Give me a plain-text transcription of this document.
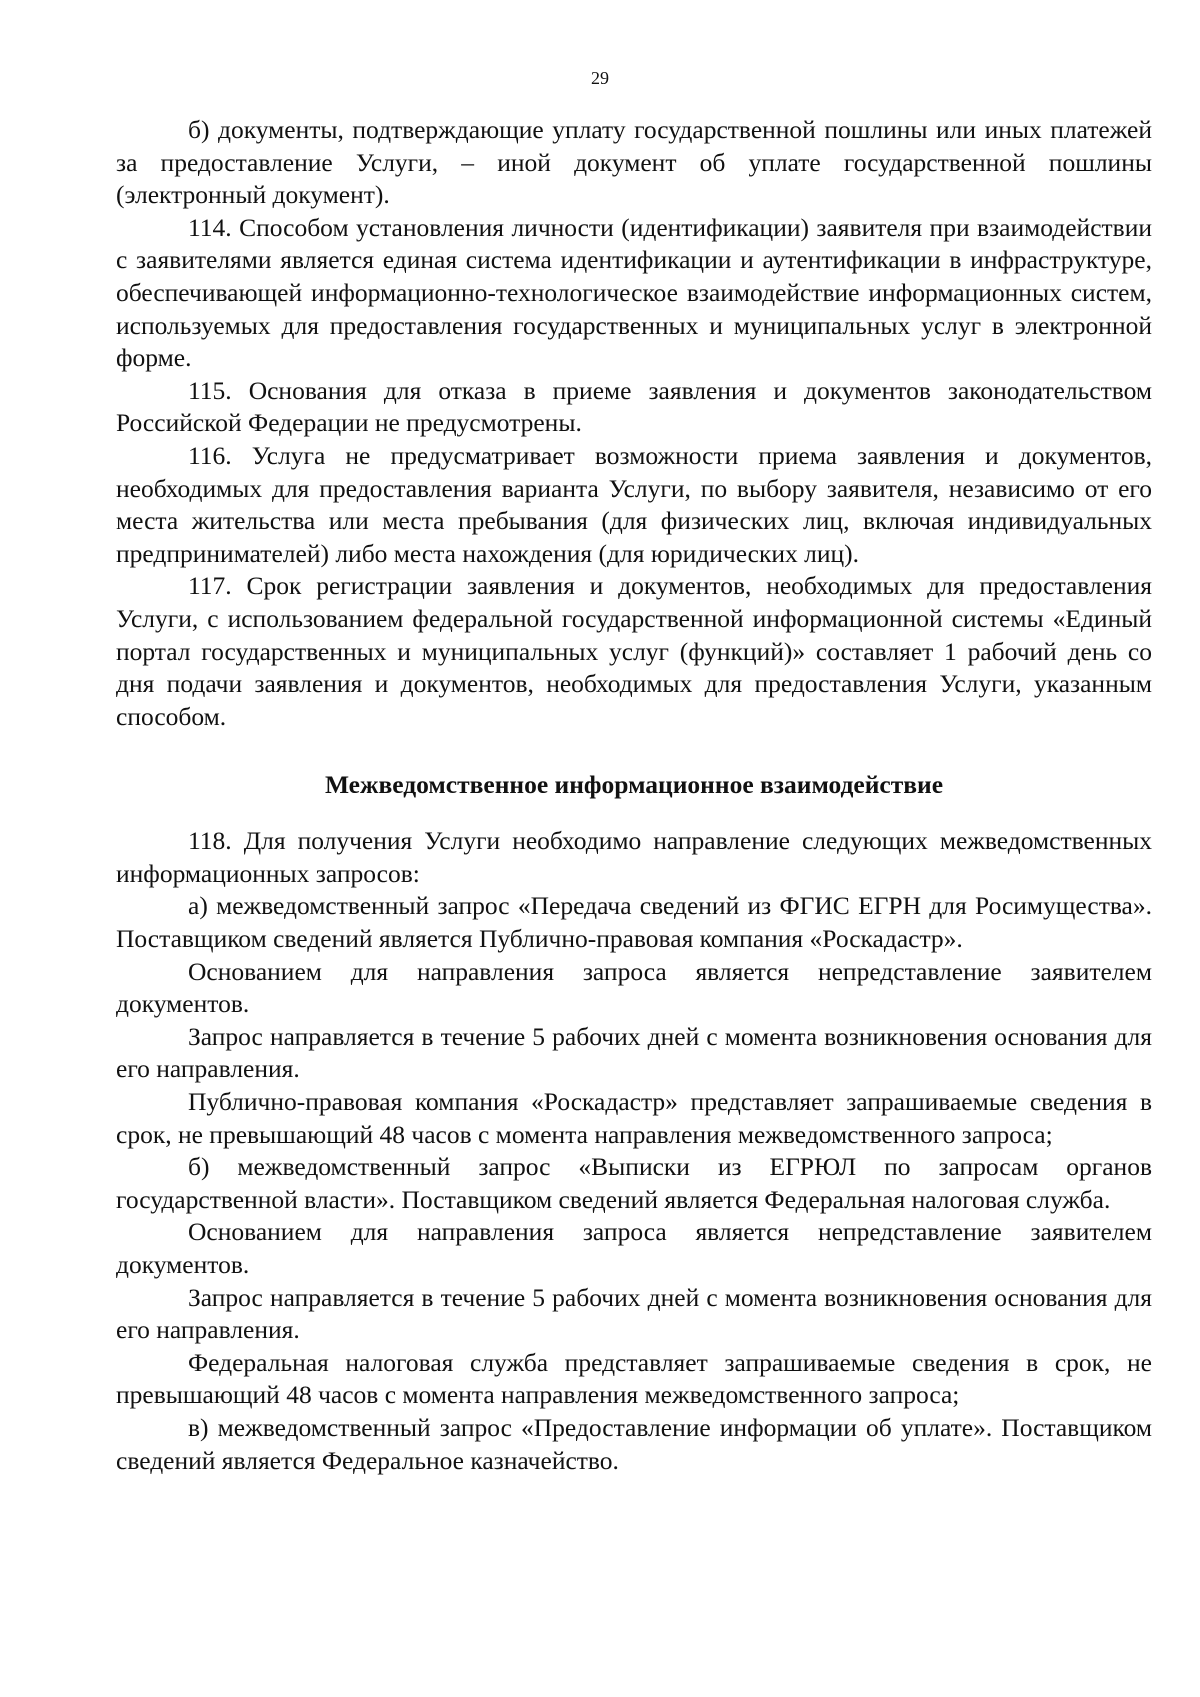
29

б) документы, подтверждающие уплату государственной пошлины или иных платежей за предоставление Услуги, – иной документ об уплате государственной пошлины (электронный документ).

114. Способом установления личности (идентификации) заявителя при взаимодействии с заявителями является единая система идентификации и аутентификации в инфраструктуре, обеспечивающей информационно-технологическое взаимодействие информационных систем, используемых для предоставления государственных и муниципальных услуг в электронной форме.

115. Основания для отказа в приеме заявления и документов законодательством Российской Федерации не предусмотрены.

116. Услуга не предусматривает возможности приема заявления и документов, необходимых для предоставления варианта Услуги, по выбору заявителя, независимо от его места жительства или места пребывания (для физических лиц, включая индивидуальных предпринимателей) либо места нахождения (для юридических лиц).

117. Срок регистрации заявления и документов, необходимых для предоставления Услуги, с использованием федеральной государственной информационной системы «Единый портал государственных и муниципальных услуг (функций)» составляет 1 рабочий день со дня подачи заявления и документов, необходимых для предоставления Услуги, указанным способом.

Межведомственное информационное взаимодействие

118. Для получения Услуги необходимо направление следующих межведомственных информационных запросов:

а) межведомственный запрос «Передача сведений из ФГИС ЕГРН для Росимущества». Поставщиком сведений является Публично-правовая компания «Роскадастр».

Основанием для направления запроса является непредставление заявителем документов.

Запрос направляется в течение 5 рабочих дней с момента возникновения основания для его направления.

Публично-правовая компания «Роскадастр» представляет запрашиваемые сведения в срок, не превышающий 48 часов с момента направления межведомственного запроса;

б) межведомственный запрос «Выписки из ЕГРЮЛ по запросам органов государственной власти». Поставщиком сведений является Федеральная налоговая служба.

Основанием для направления запроса является непредставление заявителем документов.

Запрос направляется в течение 5 рабочих дней с момента возникновения основания для его направления.

Федеральная налоговая служба представляет запрашиваемые сведения в срок, не превышающий 48 часов с момента направления межведомственного запроса;

в) межведомственный запрос «Предоставление информации об уплате». Поставщиком сведений является Федеральное казначейство.
